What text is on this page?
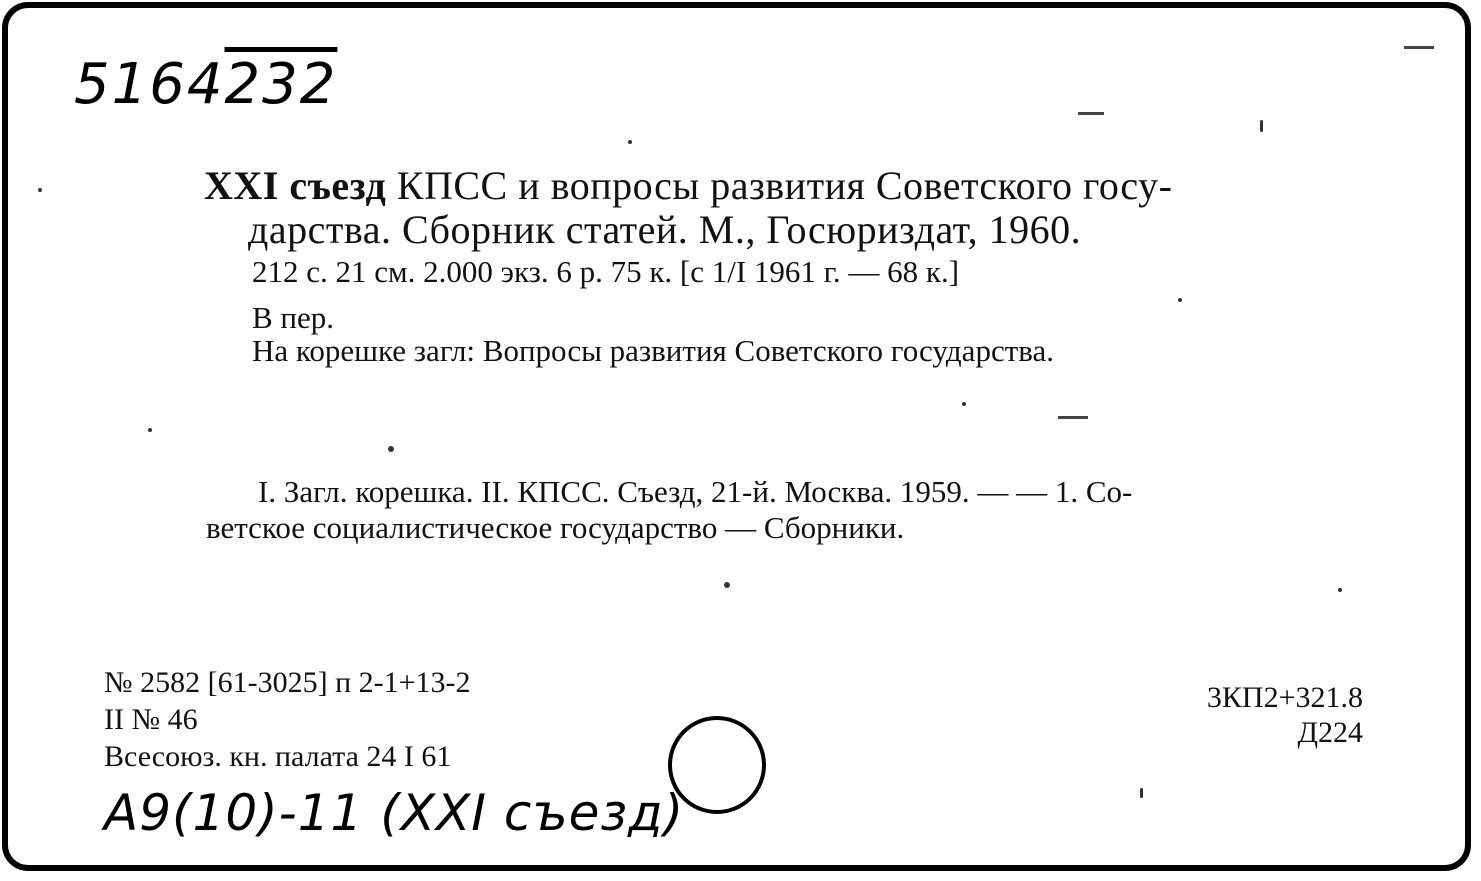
5164232
XXI съезд КПСС и вопросы развития Советского госу-
дарства. Сборник статей. М., Госюриздат, 1960.
212 с. 21 см. 2.000 экз. 6 р. 75 к. [с 1/I 1961 г. — 68 к.]
В пер.
На корешке загл: Вопросы развития Советского государства.
I. Загл. корешка. II. КПСС. Съезд, 21-й. Москва. 1959. — — 1. Со-
ветское социалистическое государство — Сборники.
№ 2582 [61-3025] п 2-1+13-2
II № 46
Всесоюз. кн. палата 24 I 61
3КП2+321.8
Д224
A9(10)-11 (XXI съезд)
